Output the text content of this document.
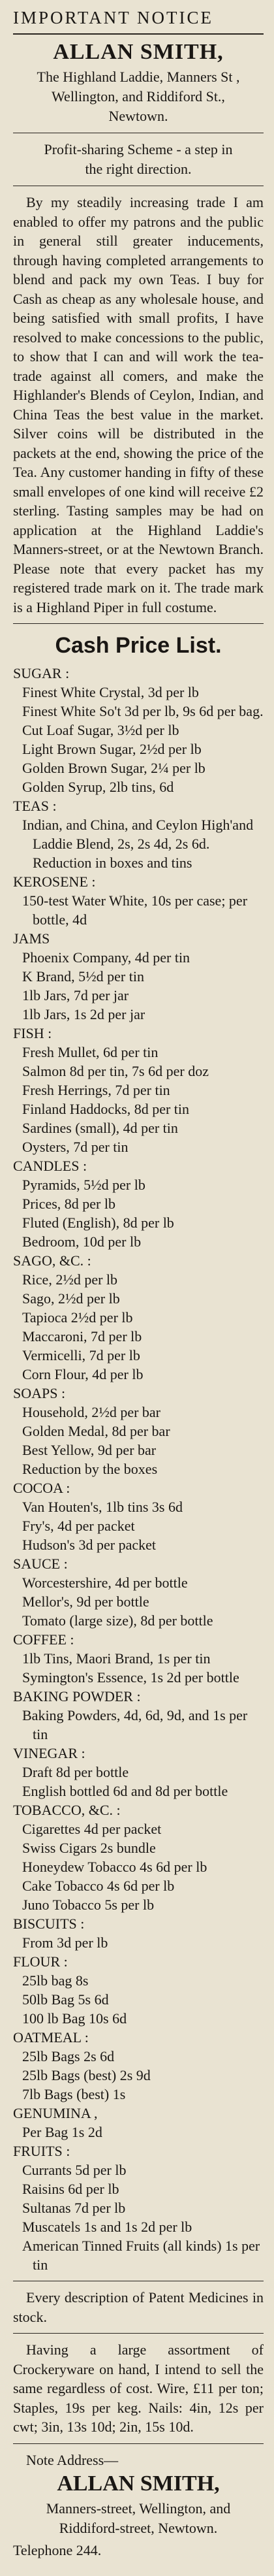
IMPORTANT NOTICE
ALLAN SMITH,

The Highland Laddie, Manners St ,

Wellington, and Riddiford St.,

Newtown.

Profit-sharing Scheme - a step in

the right direction.

By my steadily increasing trade I am enabled to offer my patrons and the public in general still greater inducements, through having completed arrangements to blend and pack my own Teas. I buy for Cash as cheap as any wholesale house, and being satisfied with small profits, I have resolved to make concessions to the public, to show that I can and will work the tea-trade against all comers, and make the Highlander's Blends of Ceylon, Indian, and China Teas the best value in the market. Silver coins will be distributed in the packets at the end, showing the price of the Tea. Any customer handing in fifty of these small envelopes of one kind will receive £2 sterling. Tasting samples may be had on application at the Highland Laddie's Manners-street, or at the Newtown Branch. Please note that every packet has my registered trade mark on it. The trade mark is a Highland Piper in full costume.

Cash Price List.

SUGAR :

Finest White Crystal, 3d per lb

Finest White So't 3d per lb, 9s 6d per bag.

Cut Loaf Sugar, 3½d per lb

Light Brown Sugar, 2½d per lb

Golden Brown Sugar, 2¼ per lb

Golden Syrup, 2lb tins, 6d

TEAS :

Indian, and China, and Ceylon High'and Laddie Blend, 2s, 2s 4d, 2s 6d. Reduction in boxes and tins

KEROSENE :

150-test Water White, 10s per case; per bottle, 4d

JAMS

Phoenix Company, 4d per tin

K Brand, 5½d per tin

1lb Jars, 7d per jar

1lb Jars, 1s 2d per jar

FISH :

Fresh Mullet, 6d per tin

Salmon 8d per tin, 7s 6d per doz

Fresh Herrings, 7d per tin

Finland Haddocks, 8d per tin

Sardines (small), 4d per tin

Oysters, 7d per tin

CANDLES :

Pyramids, 5½d per lb

Prices, 8d per lb

Fluted (English), 8d per lb

Bedroom, 10d per lb

SAGO, &C. :

Rice, 2½d per lb

Sago, 2½d per lb

Tapioca 2½d per lb

Maccaroni, 7d per lb

Vermicelli, 7d per lb

Corn Flour, 4d per lb

SOAPS :

Household, 2½d per bar

Golden Medal, 8d per bar

Best Yellow, 9d per bar

Reduction by the boxes

COCOA :

Van Houten's, 1lb tins 3s 6d

Fry's, 4d per packet

Hudson's 3d per packet

SAUCE :

Worcestershire, 4d per bottle

Mellor's, 9d per bottle

Tomato (large size), 8d per bottle

COFFEE :

1lb Tins, Maori Brand, 1s per tin

Symington's Essence, 1s 2d per bottle

BAKING POWDER :

Baking Powders, 4d, 6d, 9d, and 1s per tin

VINEGAR :

Draft 8d per bottle

English bottled 6d and 8d per bottle

TOBACCO, &C. :

Cigarettes 4d per packet

Swiss Cigars 2s bundle

Honeydew Tobacco 4s 6d per lb

Cake Tobacco 4s 6d per lb

Juno Tobacco 5s per lb

BISCUITS :

From 3d per lb

FLOUR :

25lb bag 8s

50lb Bag 5s 6d

100 lb Bag 10s 6d

OATMEAL :

25lb Bags 2s 6d

25lb Bags (best) 2s 9d

7lb Bags (best) 1s

GENUMINA ,

Per Bag 1s 2d

FRUITS :

Currants 5d per lb

Raisins 6d per lb

Sultanas 7d per lb

Muscatels 1s and 1s 2d per lb

American Tinned Fruits (all kinds) 1s per tin

Every description of Patent Medicines in stock.

Having a large assortment of Crockeryware on hand, I intend to sell the same regardless of cost. Wire, £11 per ton; Staples, 19s per keg. Nails: 4in, 12s per cwt; 3in, 13s 10d; 2in, 15s 10d.

Note Address—
ALLAN SMITH,

Manners-street, Wellington, and

Riddiford-street, Newtown.

Telephone 244.
